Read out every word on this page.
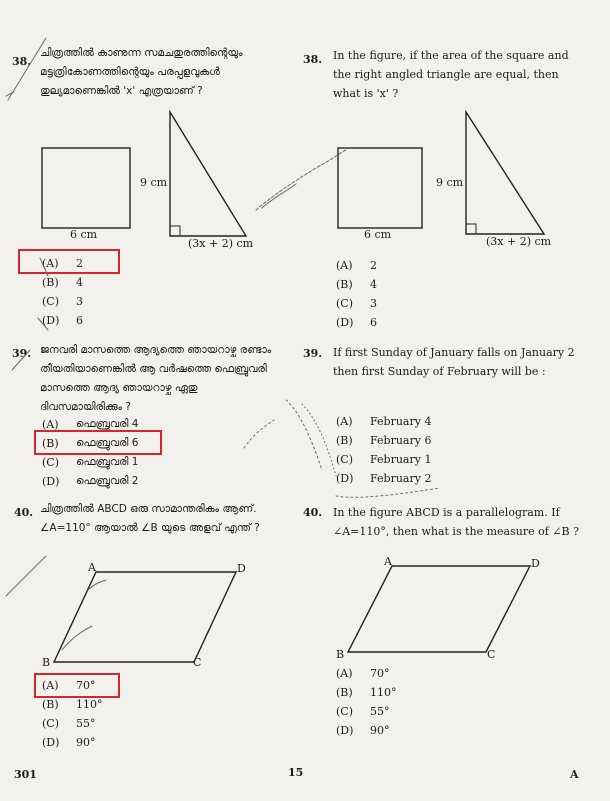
38.
ചിത്രത്തിൽ കാണുന്ന സമചതുരത്തിന്റെയും മട്ടത്രികോണത്തിന്റെയും പരപ്പളവുകൾ തുല്യമാണെങ്കിൽ 'x' എത്രയാണ് ?
6 cm
9 cm
(3x + 2) cm
(A)	2
(B)	4
(C)	3
(D)	6
38. In the figure, if the area of the square and the right angled triangle are equal, then what is 'x' ?
6 cm
9 cm
(3x + 2) cm
(A)	2
(B)	4
(C)	3
(D)	6
39. ജനവരി മാസത്തെ ആദ്യത്തെ ഞായറാഴ്ച രണ്ടാം തീയതിയാണെങ്കിൽ ആ വർഷത്തെ ഫെബ്രുവരി മാസത്തെ ആദ്യ ഞായറാഴ്ച ഏതു ദിവസമായിരിക്കും ?
(A)	ഫെബ്രുവരി 4
(B)	ഫെബ്രുവരി 6
(C)	ഫെബ്രുവരി 1
(D)	ഫെബ്രുവരി 2
39. If first Sunday of January falls on January 2 then first Sunday of February will be :
(A)	February 4
(B)	February 6
(C)	February 1
(D)	February 2
40. ചിത്രത്തിൽ ABCD ഒരു സാമാന്തരികം ആണ്. ∠A=110° ആയാൽ ∠B യുടെ അളവ് എന്ത് ?
A
B	C
D
(A)	70°
(B)	110°
(C)	55°
(D)	90°
40. In the figure ABCD is a parallelogram. If ∠A=110°, then what is the measure of ∠B ?
A
B	C
D
(A)	70°
(B)	110°
(C)	55°
(D)	90°
301	15	A
